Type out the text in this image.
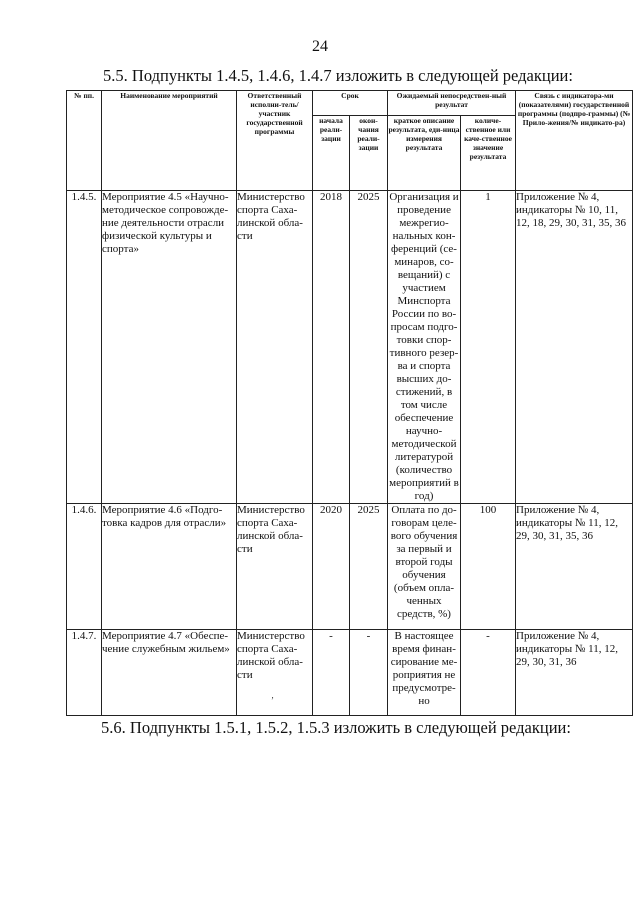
24
5.5. Подпункты 1.4.5, 1.4.6, 1.4.7 изложить в следующей редакции:
№ пп.	Наименование мероприятий	Ответственный исполни-тель/участник государственной программы	Срок		Ожидаемый непосредствен-ный результат		Связь с индикатора-ми (показателями) государственной программы (подпро-граммы) (№ Прило-жения/№ индикато-ра)
			начала реали-зации	окон-чания реали-зации	краткое описание результата, еди-ница измерения результата	количе-ственное или каче-ственное значение результата	
1.4.5.	Мероприятие 4.5 «Научно-методическое сопровожде-ние деятельности отрасли физической культуры и спорта»	Министерство спорта Саха-линской обла-сти	2018	2025	Организация и проведение межрегио-нальных кон-ференций (се-минаров, со-вещаний) с участием Минспорта России по во-просам подго-товки спор-тивного резер-ва и спорта высших до-стижений, в том числе обеспечение научно-методической литературой (количество мероприятий в год)	1	Приложение № 4, индикаторы № 10, 11, 12, 18, 29, 30, 31, 35, 36
1.4.6.	Мероприятие 4.6 «Подго-товка кадров для отрасли»	Министерство спорта Саха-линской обла-сти	2020	2025	Оплата по до-говорам целе-вого обучения за первый и второй годы обучения (объем опла-ченных средств, %)	100	Приложение № 4, индикаторы № 11, 12, 29, 30, 31, 35, 36
1.4.7.	Мероприятие 4.7 «Обеспе-чение служебным жильем»	Министерство спорта Саха-линской обла-сти	-	-	В настоящее время финан-сирование ме-роприятия не предусмотре-но	-	Приложение № 4, индикаторы № 11, 12, 29, 30, 31, 36
‚
5.6. Подпункты 1.5.1, 1.5.2, 1.5.3 изложить в следующей редакции:
